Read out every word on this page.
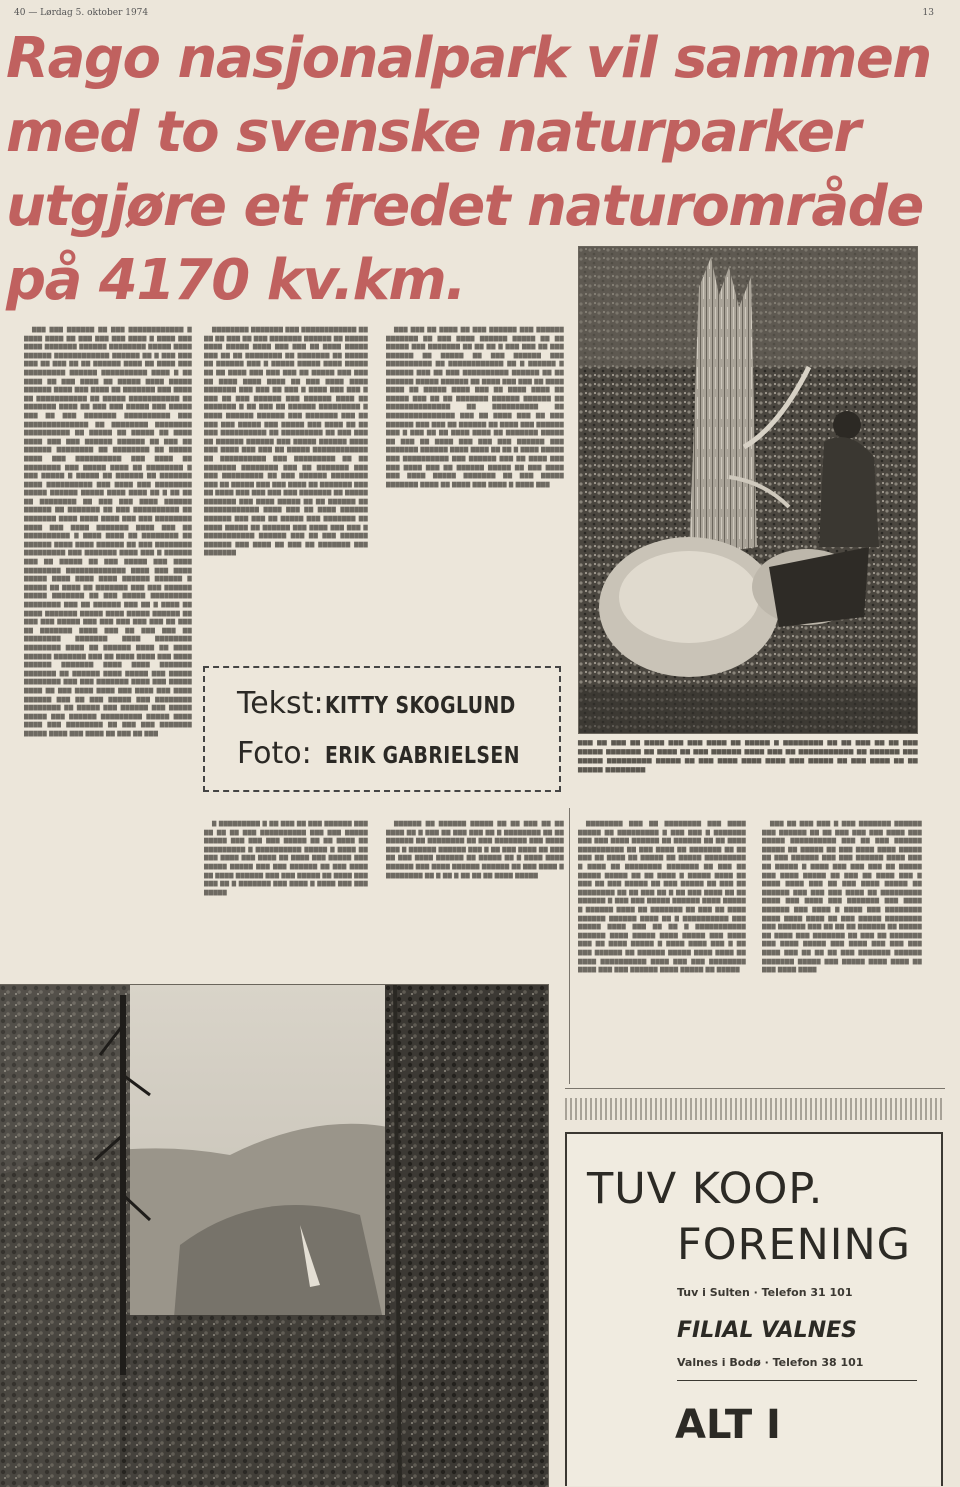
40 — Lørdag 5. oktober 1974	13
Rago nasjonalpark vil sammen
med to svenske naturparker
utgjøre et fredet naturområde
på 4170 kv.km.
▆▆▆ ▆▆ ▆▆▆ ▆▆ ▆▆▆▆ ▆▆▆ ▆▆▆ ▆▆▆▆ ▆▆ ▆▆▆▆▆ ▆ ▆▆▆▆▆▆▆▆ ▆▆ ▆▆ ▆▆▆ ▆▆ ▆▆ ▆▆▆ ▆▆▆▆▆ ▆▆▆▆▆▆▆ ▆▆ ▆▆▆▆ ▆▆ ▆▆▆ ▆▆▆▆▆▆ ▆▆▆▆ ▆▆▆ ▆▆ ▆▆▆▆▆▆▆▆▆▆▆ ▆▆ ▆▆▆▆▆▆ ▆▆▆ ▆▆▆▆▆ ▆▆▆▆▆▆▆▆▆ ▆▆▆▆▆ ▆▆ ▆▆▆ ▆▆▆▆ ▆▆▆▆ ▆▆▆▆ ▆▆▆ ▆▆▆▆▆ ▆▆ ▆▆▆ ▆▆▆▆ ▆▆ ▆▆ ▆▆▆▆▆ ▆▆▆▆▆▆▆▆

▇▇▇ ▇▇▇ ▇▇▇▇▇▇ ▇▇ ▇▇▇ ▇▇▇▇▇▇▇▇▇▇▇▇ ▇ ▇▇▇▇ ▇▇▇▇ ▇▇ ▇▇▇ ▇▇▇ ▇▇▇ ▇▇▇▇ ▇ ▇▇▇▇ ▇▇▇ ▇▇▇▇ ▇▇▇▇▇▇▇ ▇▇▇▇▇▇ ▇▇▇▇▇▇▇▇ ▇▇▇▇▇ ▇▇▇▇ ▇▇▇▇▇▇ ▇▇▇▇▇▇▇▇▇▇▇▇ ▇▇▇▇▇▇ ▇▇ ▇ ▇▇▇ ▇▇▇ ▇▇▇ ▇▇ ▇▇▇ ▇▇ ▇▇ ▇▇▇▇▇▇ ▇▇▇▇ ▇▇ ▇▇▇▇ ▇▇▇ ▇▇▇▇▇▇▇▇▇ ▇▇▇▇▇▇ ▇▇▇▇▇▇▇▇▇▇ ▇▇▇▇ ▇ ▇▇ ▇▇▇▇ ▇▇ ▇▇▇ ▇▇▇▇ ▇▇ ▇▇▇▇▇ ▇▇▇▇ ▇▇▇▇▇ ▇▇▇▇▇▇ ▇▇▇▇ ▇▇▇ ▇▇▇▇ ▇▇ ▇▇▇▇▇▇▇ ▇▇▇ ▇▇▇▇ ▇▇ ▇▇▇▇▇▇▇▇▇▇▇ ▇▇ ▇▇▇▇▇ ▇▇▇▇▇▇▇▇▇▇▇ ▇▇ ▇▇▇▇▇▇▇ ▇▇▇▇ ▇▇ ▇▇▇ ▇▇▇ ▇▇▇▇▇ ▇▇▇ ▇▇▇▇▇ ▇▇▇ ▇▇ ▇▇▇ ▇▇▇▇▇▇▇ ▇▇▇▇▇▇▇▇▇▇ ▇▇▇ ▇▇▇▇▇▇▇▇▇▇▇▇▇▇ ▇▇ ▇▇▇▇▇▇▇▇ ▇▇▇▇▇▇▇▇ ▇▇▇▇▇▇▇▇▇▇ ▇▇ ▇▇▇▇▇ ▇▇ ▇▇▇▇▇ ▇▇ ▇▇▇▇ ▇▇▇▇ ▇▇▇ ▇▇▇ ▇▇▇▇▇▇ ▇▇▇▇▇▇ ▇▇ ▇▇▇ ▇▇ ▇▇▇▇▇▇ ▇▇▇▇▇▇▇▇ ▇▇ ▇▇▇▇▇▇▇▇ ▇▇ ▇▇▇▇▇ ▇▇▇▇ ▇▇▇ ▇▇▇▇▇▇▇▇▇▇ ▇▇▇ ▇▇▇▇ ▇▇ ▇▇▇▇▇▇▇▇ ▇▇▇ ▇▇▇▇▇ ▇▇▇▇ ▇▇ ▇▇▇▇▇▇▇▇ ▇ ▇▇▇ ▇▇▇▇▇ ▇ ▇▇▇▇▇ ▇▇ ▇▇▇▇▇▇ ▇▇ ▇▇▇▇▇▇▇ ▇▇▇▇ ▇▇▇▇▇▇▇▇▇▇ ▇▇▇ ▇▇▇▇ ▇▇▇ ▇▇▇▇▇▇▇▇ ▇▇▇▇▇ ▇▇▇▇▇▇ ▇▇▇▇▇ ▇▇▇▇ ▇▇▇▇ ▇▇ ▇ ▇▇ ▇▇ ▇▇ ▇▇▇▇▇▇▇▇ ▇▇ ▇▇▇ ▇▇▇ ▇▇▇▇ ▇▇▇▇▇▇ ▇▇▇▇▇▇ ▇▇ ▇▇▇▇▇▇▇ ▇▇ ▇▇▇ ▇▇▇▇▇▇▇▇▇▇ ▇▇ ▇▇▇▇▇▇▇ ▇▇▇▇ ▇▇▇▇ ▇▇▇▇ ▇▇▇ ▇▇▇ ▇▇▇▇▇▇▇▇ ▇▇▇▇ ▇▇▇ ▇▇▇▇ ▇▇▇▇▇▇▇ ▇▇▇▇ ▇▇▇ ▇▇ ▇▇▇▇▇▇▇▇▇▇ ▇ ▇▇▇▇ ▇▇▇▇ ▇▇ ▇▇▇▇▇▇▇▇ ▇▇ ▇▇▇▇▇▇ ▇▇▇▇ ▇▇▇▇ ▇▇▇▇▇▇ ▇▇ ▇▇▇ ▇▇▇▇▇▇▇▇ ▇▇▇▇▇▇▇▇▇ ▇▇▇ ▇▇▇▇▇▇▇ ▇▇▇▇ ▇▇▇ ▇ ▇▇▇▇▇▇ ▇▇▇ ▇▇ ▇▇▇▇▇ ▇▇ ▇▇▇ ▇▇▇▇▇ ▇▇▇ ▇▇▇▇ ▇▇▇▇▇▇▇▇ ▇▇▇▇▇▇▇▇▇▇▇▇▇ ▇▇▇▇ ▇▇▇ ▇▇▇▇ ▇▇▇▇▇ ▇▇▇▇ ▇▇▇▇ ▇▇▇▇ ▇▇▇▇▇▇ ▇▇▇▇▇▇ ▇ ▇▇▇▇▇ ▇▇ ▇▇▇▇ ▇▇ ▇▇▇▇▇▇▇ ▇▇▇ ▇▇▇ ▇▇▇▇▇▇ ▇▇▇▇▇ ▇▇▇▇▇▇▇ ▇▇ ▇▇▇ ▇▇▇▇▇ ▇▇▇▇▇▇▇▇▇ ▇▇▇▇▇▇▇▇ ▇▇▇ ▇▇ ▇▇▇▇▇▇ ▇▇▇ ▇▇ ▇ ▇▇▇▇ ▇▇ ▇▇▇▇ ▇▇▇▇▇▇▇ ▇▇▇▇▇ ▇▇▇▇ ▇▇▇▇▇ ▇▇▇▇▇▇ ▇▇ ▇▇▇ ▇▇▇ ▇▇▇▇▇ ▇▇▇ ▇▇▇ ▇▇▇ ▇▇▇ ▇▇▇ ▇▇ ▇▇▇ ▇▇ ▇▇▇▇▇▇▇ ▇▇▇▇ ▇▇▇ ▇▇ ▇▇▇ ▇▇▇ ▇▇ ▇▇▇▇▇▇▇▇ ▇▇▇▇▇▇▇ ▇▇▇▇ ▇▇▇▇▇▇▇▇ ▇▇▇▇▇▇▇▇ ▇▇▇▇ ▇▇ ▇▇▇▇▇▇ ▇▇▇▇ ▇▇ ▇▇▇▇ ▇▇▇▇▇▇ ▇▇▇▇▇▇▇ ▇▇▇ ▇▇ ▇▇▇▇ ▇▇▇▇ ▇▇▇ ▇▇▇▇ ▇▇▇▇▇▇ ▇▇▇▇▇▇▇ ▇▇▇▇ ▇▇▇▇ ▇▇▇▇▇▇▇ ▇▇▇▇▇▇▇ ▇▇ ▇▇▇▇▇▇ ▇▇▇▇ ▇▇▇▇▇ ▇▇▇ ▇▇▇▇▇ ▇▇▇▇▇▇▇▇ ▇▇▇ ▇▇▇ ▇▇▇▇▇▇▇ ▇▇▇▇ ▇▇▇ ▇▇▇▇▇ ▇▇▇▇ ▇▇ ▇▇▇ ▇▇▇▇ ▇▇▇▇ ▇▇▇ ▇▇▇▇ ▇▇▇ ▇▇▇▇ ▇▇▇▇▇▇ ▇▇▇ ▇▇ ▇▇▇ ▇▇▇▇▇ ▇▇▇ ▇▇▇▇▇▇▇▇ ▇▇▇▇▇▇▇▇ ▇▇ ▇▇▇▇▇ ▇▇▇ ▇▇▇▇▇▇ ▇▇▇ ▇▇▇▇▇ ▇▇▇▇▇ ▇▇▇ ▇▇▇▇▇▇ ▇▇▇▇▇▇▇▇▇ ▇▇▇▇▇ ▇▇▇▇ ▇▇▇▇ ▇▇▇ ▇▇▇▇▇▇▇▇ ▇▇ ▇▇▇ ▇▇▇ ▇▇▇▇▇▇▇ ▇▇▇▇▇ ▇▇▇▇ ▇▇▇ ▇▇▇▇ ▇▇ ▇▇▇ ▇▇ ▇▇▇

▇▇▇▇▇▇▇▇ ▇▇▇▇▇▇▇ ▇▇▇ ▇▇▇▇▇▇▇▇▇▇▇▇ ▇▇ ▇▇ ▇▇ ▇▇▇ ▇▇ ▇▇▇ ▇▇▇▇▇▇▇ ▇▇▇▇▇▇ ▇▇ ▇▇▇▇▇ ▇▇▇▇ ▇▇▇▇▇ ▇▇▇▇ ▇▇▇ ▇▇▇ ▇▇ ▇▇▇▇ ▇▇▇▇▇ ▇▇▇ ▇▇ ▇▇ ▇▇▇▇▇▇▇▇ ▇▇ ▇▇▇▇▇▇▇ ▇▇ ▇▇▇▇▇ ▇▇ ▇▇▇▇▇▇ ▇▇▇ ▇ ▇▇▇▇▇ ▇▇▇▇▇ ▇▇▇▇ ▇▇▇▇▇ ▇▇ ▇▇ ▇▇▇▇ ▇▇▇ ▇▇▇ ▇▇▇ ▇▇ ▇▇▇▇▇ ▇▇▇ ▇▇▇ ▇▇ ▇▇▇▇ ▇▇▇▇ ▇▇▇▇ ▇▇ ▇▇▇ ▇▇▇▇ ▇▇▇▇ ▇▇▇▇▇▇▇ ▇▇▇ ▇▇▇ ▇▇ ▇▇▇ ▇ ▇▇▇▇ ▇▇▇ ▇▇▇ ▇ ▇▇▇ ▇▇ ▇▇▇ ▇▇▇▇▇▇ ▇▇▇ ▇▇▇▇▇▇ ▇▇▇▇ ▇▇ ▇▇▇▇▇▇▇ ▇ ▇▇ ▇▇▇ ▇▇ ▇▇▇▇▇▇ ▇▇▇▇▇▇▇▇▇ ▇ ▇▇▇▇ ▇▇▇▇▇▇ ▇▇▇▇▇▇ ▇▇▇ ▇▇▇▇▇▇▇ ▇▇▇ ▇▇ ▇▇▇ ▇▇▇ ▇▇▇▇▇ ▇▇▇ ▇▇▇▇▇ ▇▇▇ ▇▇▇▇ ▇▇ ▇▇ ▇▇▇ ▇▇▇▇▇▇▇▇▇▇ ▇▇ ▇▇▇▇▇▇▇▇▇ ▇▇ ▇▇▇ ▇▇▇ ▇▇ ▇▇▇▇▇▇ ▇▇▇▇▇▇ ▇▇▇ ▇▇▇▇▇ ▇▇▇▇▇▇ ▇▇▇▇ ▇▇▇ ▇▇▇▇ ▇▇▇ ▇▇▇ ▇▇ ▇▇▇▇▇ ▇▇▇▇▇▇▇▇▇▇▇▇ ▇▇ ▇▇▇▇▇▇▇▇▇▇ ▇▇▇ ▇▇▇▇▇▇▇▇▇ ▇▇ ▇▇ ▇▇▇▇▇▇▇ ▇▇▇▇▇▇▇▇ ▇▇▇ ▇▇ ▇▇▇▇▇▇▇ ▇▇▇ ▇▇▇ ▇▇▇▇▇▇▇▇▇ ▇▇ ▇▇▇ ▇▇▇▇▇▇ ▇▇▇▇▇▇▇▇ ▇▇▇ ▇▇ ▇▇▇▇▇ ▇▇▇ ▇▇▇ ▇▇▇▇ ▇▇ ▇▇▇▇▇▇▇ ▇▇▇ ▇▇ ▇▇▇▇ ▇▇▇ ▇▇▇ ▇▇▇ ▇▇▇ ▇▇▇▇▇▇▇ ▇▇ ▇▇▇▇▇ ▇▇▇▇▇▇▇ ▇▇▇ ▇▇▇▇ ▇▇▇▇▇ ▇▇ ▇▇ ▇▇▇▇▇▇ ▇▇ ▇▇▇▇▇▇▇▇▇▇▇▇ ▇▇▇▇ ▇▇▇ ▇▇ ▇▇▇▇ ▇▇▇▇▇▇ ▇▇▇▇▇▇ ▇▇▇ ▇▇▇ ▇▇ ▇▇▇▇▇ ▇▇▇ ▇▇▇▇▇▇▇ ▇▇ ▇▇▇▇ ▇▇▇▇▇ ▇▇ ▇▇▇▇▇▇ ▇▇▇ ▇▇▇▇ ▇▇▇ ▇▇▇ ▇ ▇▇▇▇▇▇▇▇▇▇▇ ▇▇▇▇▇▇ ▇▇▇ ▇▇ ▇▇▇ ▇▇▇▇▇▇ ▇▇▇▇▇▇ ▇▇▇ ▇▇▇▇ ▇▇ ▇▇▇ ▇▇ ▇▇▇▇▇▇▇ ▇▇▇ ▇▇▇▇▇▇▇

▇▇▇ ▇▇▇ ▇▇ ▇▇▇▇ ▇▇ ▇▇▇ ▇▇▇▇▇▇ ▇▇▇ ▇▇▇▇▇▇ ▇▇▇▇▇▇▇ ▇▇ ▇▇▇ ▇▇▇▇ ▇▇▇▇▇▇ ▇▇▇▇▇ ▇▇ ▇▇ ▇▇▇▇▇ ▇▇▇ ▇▇▇▇▇▇▇ ▇▇ ▇▇ ▇▇ ▇ ▇▇▇ ▇▇▇ ▇▇ ▇▇▇ ▇▇▇▇▇▇ ▇▇ ▇▇▇▇▇ ▇▇ ▇▇▇ ▇▇▇▇▇▇ ▇▇▇ ▇▇▇▇▇▇▇▇▇▇ ▇▇ ▇▇▇▇▇▇▇▇▇▇▇▇ ▇▇ ▇ ▇▇▇▇▇▇ ▇ ▇▇▇▇▇▇ ▇▇▇ ▇▇ ▇▇▇ ▇▇▇▇▇▇▇▇▇▇ ▇▇▇▇▇▇ ▇▇ ▇▇ ▇▇▇▇▇▇ ▇▇▇▇▇ ▇▇▇▇▇▇ ▇▇ ▇▇▇▇ ▇▇▇ ▇▇▇ ▇▇ ▇▇▇▇ ▇▇▇▇ ▇▇ ▇▇▇▇▇ ▇▇▇▇ ▇▇▇ ▇▇ ▇▇▇▇ ▇▇▇▇ ▇▇ ▇▇▇▇▇ ▇▇▇ ▇▇ ▇▇ ▇▇▇▇▇▇▇ ▇▇▇▇▇▇ ▇▇▇▇▇▇ ▇▇ ▇▇▇▇▇▇▇▇▇▇▇▇▇▇ ▇▇ ▇▇▇▇▇▇▇▇▇▇ ▇▇ ▇▇▇▇▇▇▇▇▇▇▇▇▇▇▇ ▇▇▇ ▇▇ ▇▇▇▇ ▇▇▇ ▇▇ ▇▇▇ ▇▇▇▇▇▇ ▇▇▇ ▇▇▇ ▇▇ ▇▇▇▇▇▇ ▇▇ ▇▇▇▇ ▇▇▇ ▇▇▇▇▇▇ ▇▇▇ ▇ ▇▇▇ ▇▇ ▇▇ ▇▇▇▇ ▇▇▇▇ ▇▇ ▇▇▇▇▇▇▇ ▇▇▇▇▇ ▇▇ ▇▇▇ ▇▇ ▇▇▇▇ ▇▇▇ ▇▇▇ ▇▇▇ ▇▇▇▇▇▇ ▇▇▇ ▇▇▇▇▇▇▇ ▇▇▇▇▇▇ ▇▇▇▇ ▇▇▇▇ ▇▇ ▇▇ ▇ ▇▇▇▇ ▇▇▇▇▇ ▇▇▇ ▇▇▇▇▇▇▇▇▇▇ ▇▇▇ ▇▇▇▇▇▇ ▇▇▇ ▇▇ ▇▇▇▇ ▇▇▇ ▇▇▇ ▇▇▇▇ ▇▇▇ ▇▇ ▇▇▇▇▇▇ ▇▇▇▇▇ ▇▇ ▇▇▇ ▇▇▇▇ ▇▇▇ ▇▇▇▇ ▇▇▇▇▇ ▇▇▇▇▇▇▇ ▇▇ ▇▇▇ ▇▇▇▇▇ ▇▇▇▇▇▇▇ ▇▇▇▇ ▇▇ ▇▇▇▇ ▇▇▇ ▇▇▇▇ ▇ ▇▇▇▇ ▇▇▇

Tekst: KITTY SKOGLUND
Foto: ERIK GABRIELSEN

▇ ▇▇▇▇▇▇▇▇▇ ▇ ▇▇ ▇▇▇ ▇▇ ▇▇▇ ▇▇▇▇▇▇ ▇▇▇ ▇▇ ▇▇ ▇▇ ▇▇▇ ▇▇▇▇▇▇▇▇▇▇ ▇▇▇ ▇▇▇ ▇▇▇▇▇ ▇▇▇▇▇ ▇▇▇ ▇▇▇ ▇▇▇ ▇▇▇▇▇ ▇▇ ▇▇ ▇▇▇▇ ▇▇ ▇▇▇▇▇▇▇▇▇ ▇ ▇▇▇▇▇▇▇▇▇▇ ▇▇▇▇▇ ▇ ▇▇▇▇ ▇▇ ▇▇▇ ▇▇▇▇ ▇▇▇ ▇▇▇▇ ▇▇ ▇▇▇▇ ▇▇▇ ▇▇▇▇▇ ▇▇▇ ▇▇▇▇▇ ▇▇▇▇▇ ▇▇▇ ▇▇▇ ▇▇▇▇▇▇ ▇▇ ▇▇▇ ▇▇▇▇ ▇▇ ▇▇▇▇ ▇▇▇▇▇▇ ▇▇▇ ▇▇▇ ▇▇▇▇▇ ▇▇ ▇▇▇▇ ▇▇▇ ▇▇▇ ▇▇ ▇ ▇▇▇▇▇▇▇ ▇▇▇ ▇▇▇▇ ▇ ▇▇▇▇ ▇▇▇ ▇▇▇ ▇▇▇▇▇

▇▇▇▇▇▇ ▇▇ ▇▇▇▇▇▇ ▇▇▇▇▇ ▇▇ ▇▇ ▇▇▇ ▇▇ ▇▇ ▇▇▇▇ ▇▇ ▇ ▇▇▇ ▇▇ ▇▇▇ ▇▇▇ ▇▇ ▇ ▇▇▇▇▇▇▇▇ ▇▇ ▇▇ ▇▇▇▇▇▇ ▇▇ ▇▇▇▇▇▇▇▇ ▇▇ ▇▇▇ ▇▇▇▇▇▇▇ ▇▇▇ ▇▇▇▇ ▇▇▇ ▇ ▇▇▇▇▇▇ ▇▇▇▇▇▇ ▇▇▇ ▇ ▇▇ ▇▇▇ ▇▇▇▇ ▇▇ ▇▇▇ ▇▇ ▇▇▇ ▇▇▇▇ ▇▇▇▇▇▇ ▇▇ ▇▇▇▇▇ ▇▇ ▇ ▇▇▇▇ ▇▇▇▇ ▇▇▇▇▇▇ ▇▇▇ ▇▇▇▇ ▇▇▇▇▇▇ ▇▇▇▇▇▇ ▇▇ ▇▇▇ ▇▇▇▇ ▇ ▇▇▇▇▇▇▇▇ ▇▇ ▇ ▇▇ ▇ ▇▇ ▇▇ ▇▇ ▇▇▇▇ ▇▇▇▇▇

▇▇▇▇▇▇▇▇ ▇▇▇ ▇▇ ▇▇▇▇▇▇▇▇ ▇▇▇ ▇▇▇▇ ▇▇▇▇▇ ▇▇ ▇▇▇▇▇▇▇▇▇ ▇ ▇▇▇ ▇▇▇ ▇ ▇▇▇▇▇▇▇ ▇▇▇ ▇▇▇ ▇▇▇▇ ▇▇▇▇▇▇ ▇▇ ▇▇▇▇▇▇ ▇▇ ▇▇ ▇▇▇▇ ▇▇▇▇▇▇▇▇▇▇ ▇▇ ▇▇▇ ▇▇▇▇ ▇▇ ▇▇▇▇▇▇▇ ▇▇ ▇▇ ▇▇▇ ▇▇ ▇▇▇▇ ▇▇ ▇▇▇▇▇ ▇▇ ▇▇▇▇▇ ▇▇▇▇▇▇▇▇▇ ▇ ▇▇▇▇ ▇▇ ▇▇▇▇▇▇▇▇ ▇▇▇▇▇▇▇ ▇▇ ▇▇▇ ▇▇ ▇▇▇▇▇ ▇▇▇▇▇ ▇▇ ▇▇ ▇▇▇▇ ▇ ▇▇▇▇▇ ▇▇▇▇ ▇▇ ▇▇▇ ▇▇ ▇▇▇ ▇▇▇▇▇ ▇▇ ▇▇▇ ▇▇▇▇▇ ▇▇ ▇▇▇ ▇▇ ▇▇▇▇▇▇▇▇ ▇▇ ▇▇ ▇▇▇ ▇▇ ▇ ▇▇ ▇▇▇ ▇▇▇▇ ▇▇ ▇▇ ▇▇▇▇▇▇ ▇ ▇▇▇ ▇▇▇ ▇▇▇▇▇ ▇▇▇▇▇▇ ▇▇▇▇ ▇▇▇▇▇ ▇ ▇▇▇▇▇▇ ▇▇▇▇ ▇▇ ▇▇▇▇▇▇▇ ▇▇ ▇▇▇ ▇▇ ▇▇▇▇ ▇▇▇▇▇▇ ▇▇▇▇▇▇ ▇▇▇▇ ▇▇ ▇ ▇▇▇▇▇▇▇▇▇▇ ▇▇▇ ▇▇▇▇▇ ▇▇▇▇ ▇▇▇ ▇▇ ▇▇ ▇ ▇▇▇▇▇▇▇▇▇▇▇ ▇▇▇▇▇▇ ▇▇▇▇ ▇▇▇▇▇ ▇▇▇▇ ▇▇▇▇▇ ▇▇▇ ▇▇▇▇ ▇▇▇ ▇▇ ▇▇▇▇ ▇▇▇▇▇ ▇ ▇▇▇▇ ▇▇▇▇ ▇▇▇ ▇ ▇▇ ▇▇▇ ▇▇▇▇▇▇ ▇▇ ▇▇▇▇▇▇ ▇▇▇▇▇ ▇▇▇▇ ▇▇▇▇ ▇▇ ▇▇▇▇ ▇▇▇▇▇▇▇▇▇▇ ▇▇▇▇ ▇▇▇ ▇▇▇ ▇▇▇▇▇▇▇▇ ▇▇▇▇ ▇▇▇ ▇▇▇ ▇▇▇▇▇▇ ▇▇▇▇ ▇▇▇▇▇ ▇▇ ▇▇▇▇▇

▇▇▇ ▇▇ ▇▇▇ ▇▇▇ ▇ ▇▇▇ ▇▇▇▇▇▇▇ ▇▇▇▇▇▇ ▇▇▇ ▇▇▇▇▇▇ ▇▇ ▇▇ ▇▇▇ ▇▇▇ ▇▇▇ ▇▇▇▇ ▇▇▇ ▇▇▇▇▇ ▇▇▇▇▇▇▇▇▇▇ ▇▇▇ ▇▇ ▇▇▇ ▇▇▇▇▇▇ ▇▇▇▇▇ ▇▇ ▇▇▇▇▇ ▇▇ ▇▇▇ ▇▇▇▇ ▇▇▇▇ ▇▇▇▇▇ ▇▇ ▇▇▇ ▇▇▇▇▇▇ ▇▇▇ ▇▇▇ ▇▇▇▇▇▇ ▇▇▇▇ ▇▇▇ ▇▇ ▇▇▇▇▇ ▇ ▇▇▇▇ ▇▇▇ ▇▇▇ ▇▇▇ ▇▇ ▇▇▇▇▇ ▇▇▇ ▇▇▇▇ ▇▇▇▇▇ ▇▇ ▇▇▇ ▇▇ ▇▇▇▇ ▇▇▇ ▇ ▇▇▇▇ ▇▇▇▇ ▇▇▇ ▇▇ ▇▇▇ ▇▇▇▇ ▇▇▇▇▇ ▇▇ ▇▇▇▇▇▇ ▇▇▇ ▇▇▇ ▇▇▇ ▇▇▇▇ ▇▇ ▇▇▇▇▇▇▇▇▇ ▇▇▇▇ ▇▇▇ ▇▇▇▇ ▇▇▇ ▇▇▇▇▇▇▇ ▇▇▇ ▇▇▇▇ ▇▇▇▇▇▇ ▇▇▇ ▇▇▇▇ ▇ ▇▇▇▇ ▇▇▇ ▇▇▇▇▇▇▇▇ ▇▇▇▇ ▇▇▇▇ ▇▇▇▇ ▇▇ ▇▇▇ ▇▇▇▇▇ ▇▇▇▇▇▇▇▇ ▇▇▇ ▇▇▇▇▇▇ ▇▇▇ ▇▇ ▇▇ ▇▇ ▇▇▇▇▇▇ ▇▇ ▇▇▇▇▇ ▇▇ ▇▇▇▇ ▇▇▇ ▇▇▇▇▇▇▇ ▇▇ ▇▇▇ ▇▇ ▇▇▇▇▇▇▇ ▇▇▇ ▇▇▇▇ ▇▇▇▇▇ ▇▇▇ ▇▇▇▇ ▇▇▇ ▇▇▇ ▇▇▇ ▇▇▇▇ ▇▇▇ ▇▇ ▇▇ ▇▇ ▇▇▇ ▇▇▇▇▇▇▇ ▇▇▇▇▇▇ ▇▇▇▇▇▇▇ ▇▇▇▇▇ ▇▇▇ ▇▇▇▇▇ ▇▇▇▇ ▇▇▇▇ ▇▇ ▇▇▇ ▇▇▇▇ ▇▇▇▇

TUV KOOP.
FORENING
Tuv i Sulten · Telefon 31 101
FILIAL VALNES
Valnes i Bodø · Telefon 38 101
ALT I
